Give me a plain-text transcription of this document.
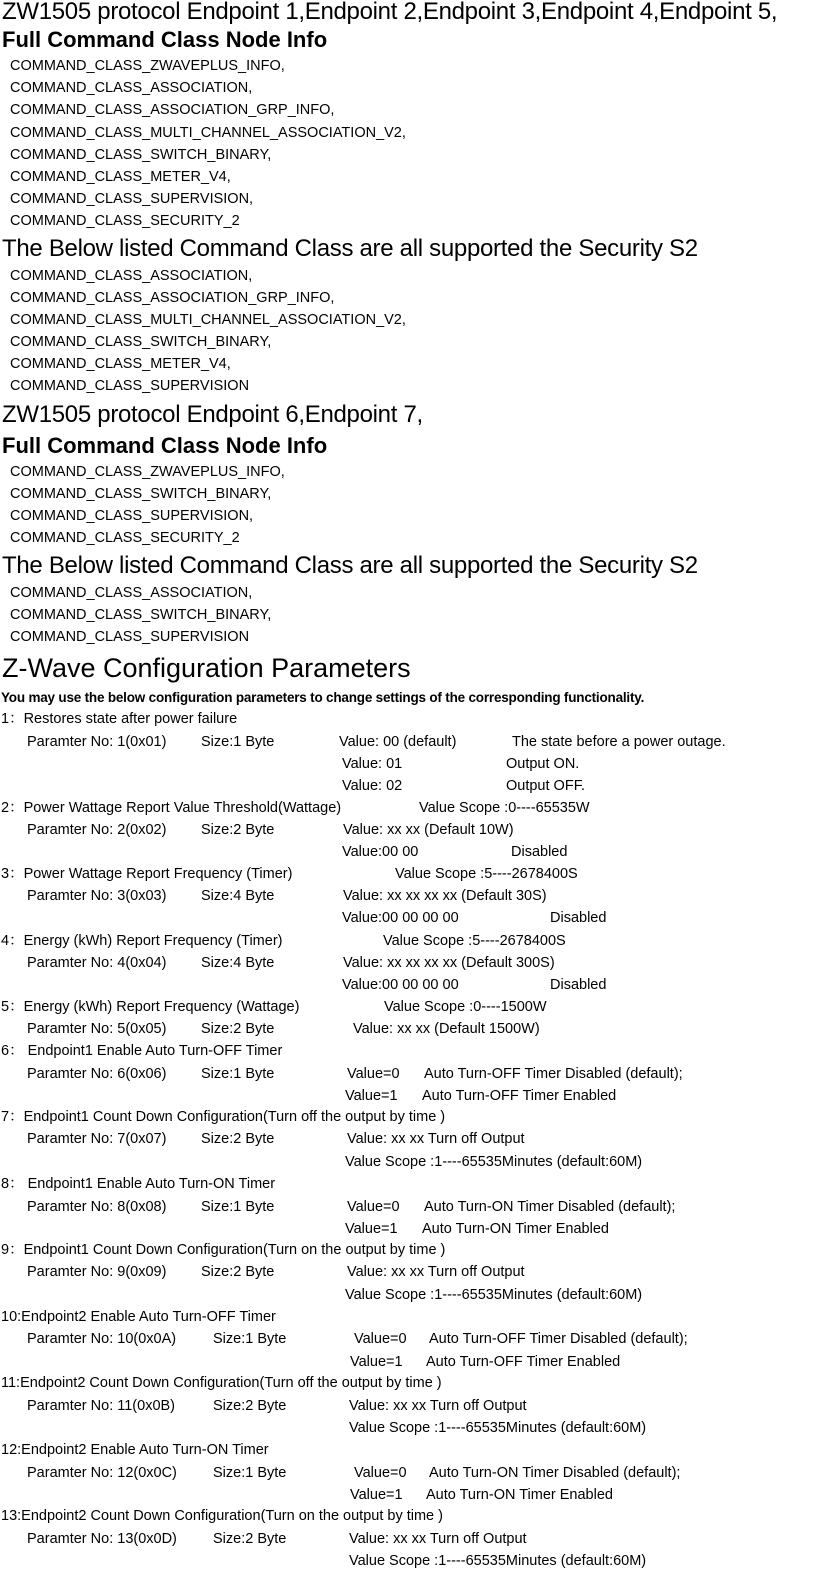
ZW1505 protocol Endpoint 1,Endpoint 2,Endpoint 3,Endpoint 4,Endpoint 5,
Full Command Class Node Info
COMMAND_CLASS_ZWAVEPLUS_INFO,
COMMAND_CLASS_ASSOCIATION,
COMMAND_CLASS_ASSOCIATION_GRP_INFO,
COMMAND_CLASS_MULTI_CHANNEL_ASSOCIATION_V2,
COMMAND_CLASS_SWITCH_BINARY,
COMMAND_CLASS_METER_V4,
COMMAND_CLASS_SUPERVISION,
COMMAND_CLASS_SECURITY_2
The Below listed Command Class are all supported the Security S2
COMMAND_CLASS_ASSOCIATION,
COMMAND_CLASS_ASSOCIATION_GRP_INFO,
COMMAND_CLASS_MULTI_CHANNEL_ASSOCIATION_V2,
COMMAND_CLASS_SWITCH_BINARY,
COMMAND_CLASS_METER_V4,
COMMAND_CLASS_SUPERVISION
ZW1505 protocol Endpoint 6,Endpoint 7,
Full Command Class Node Info
COMMAND_CLASS_ZWAVEPLUS_INFO,
COMMAND_CLASS_SWITCH_BINARY,
COMMAND_CLASS_SUPERVISION,
COMMAND_CLASS_SECURITY_2
The Below listed Command Class are all supported the Security S2
COMMAND_CLASS_ASSOCIATION,
COMMAND_CLASS_SWITCH_BINARY,
COMMAND_CLASS_SUPERVISION
Z-Wave Configuration Parameters
You may use the below configuration parameters to change settings of the corresponding functionality.
1：Restores state after power failure
Paramter No: 1(0x01) Size:1 Byte	Value: 00 (default)	The state before a power outage.
Value: 01	Output ON.
Value: 02	Output OFF.
2：Power Wattage Report Value Threshold(Wattage)	Value Scope :0----65535W
Paramter No: 2(0x02) Size:2 Byte	Value: xx xx (Default 10W)
Value:00 00	Disabled
3：Power Wattage Report Frequency (Timer)	Value Scope :5----2678400S
Paramter No: 3(0x03) Size:4 Byte	Value: xx xx xx xx (Default 30S)
Value:00 00 00 00	Disabled
4：Energy (kWh) Report Frequency (Timer)	Value Scope :5----2678400S
Paramter No: 4(0x04) Size:4 Byte	Value: xx xx xx xx (Default 300S)
Value:00 00 00 00	Disabled
5：Energy (kWh) Report Frequency (Wattage)	Value Scope :0----1500W
Paramter No: 5(0x05) Size:2 Byte	Value: xx xx (Default 1500W)
6： Endpoint1 Enable Auto Turn-OFF Timer
Paramter No: 6(0x06) Size:1 Byte	Value=0 Auto Turn-OFF Timer Disabled (default);
Value=1 Auto Turn-OFF Timer Enabled
7：Endpoint1 Count Down Configuration(Turn off the output by time )
Paramter No: 7(0x07) Size:2 Byte	Value: xx xx Turn off Output
Value Scope :1----65535Minutes (default:60M)
8： Endpoint1 Enable Auto Turn-ON Timer
Paramter No: 8(0x08) Size:1 Byte	Value=0 Auto Turn-ON Timer Disabled (default);
Value=1 Auto Turn-ON Timer Enabled
9：Endpoint1 Count Down Configuration(Turn on the output by time )
Paramter No: 9(0x09) Size:2 Byte	Value: xx xx Turn off Output
Value Scope :1----65535Minutes (default:60M)
10:Endpoint2 Enable Auto Turn-OFF Timer
Paramter No: 10(0x0A)	Size:1 Byte	Value=0 Auto Turn-OFF Timer Disabled (default);
Value=1 Auto Turn-OFF Timer Enabled
11:Endpoint2 Count Down Configuration(Turn off the output by time )
Paramter No: 11(0x0B)	Size:2 Byte	Value: xx xx Turn off Output
Value Scope :1----65535Minutes (default:60M)
12:Endpoint2 Enable Auto Turn-ON Timer
Paramter No: 12(0x0C) Size:1 Byte	Value=0 Auto Turn-ON Timer Disabled (default);
Value=1 Auto Turn-ON Timer Enabled
13:Endpoint2 Count Down Configuration(Turn on the output by time )
Paramter No: 13(0x0D) Size:2 Byte	Value: xx xx Turn off Output
Value Scope :1----65535Minutes (default:60M)
